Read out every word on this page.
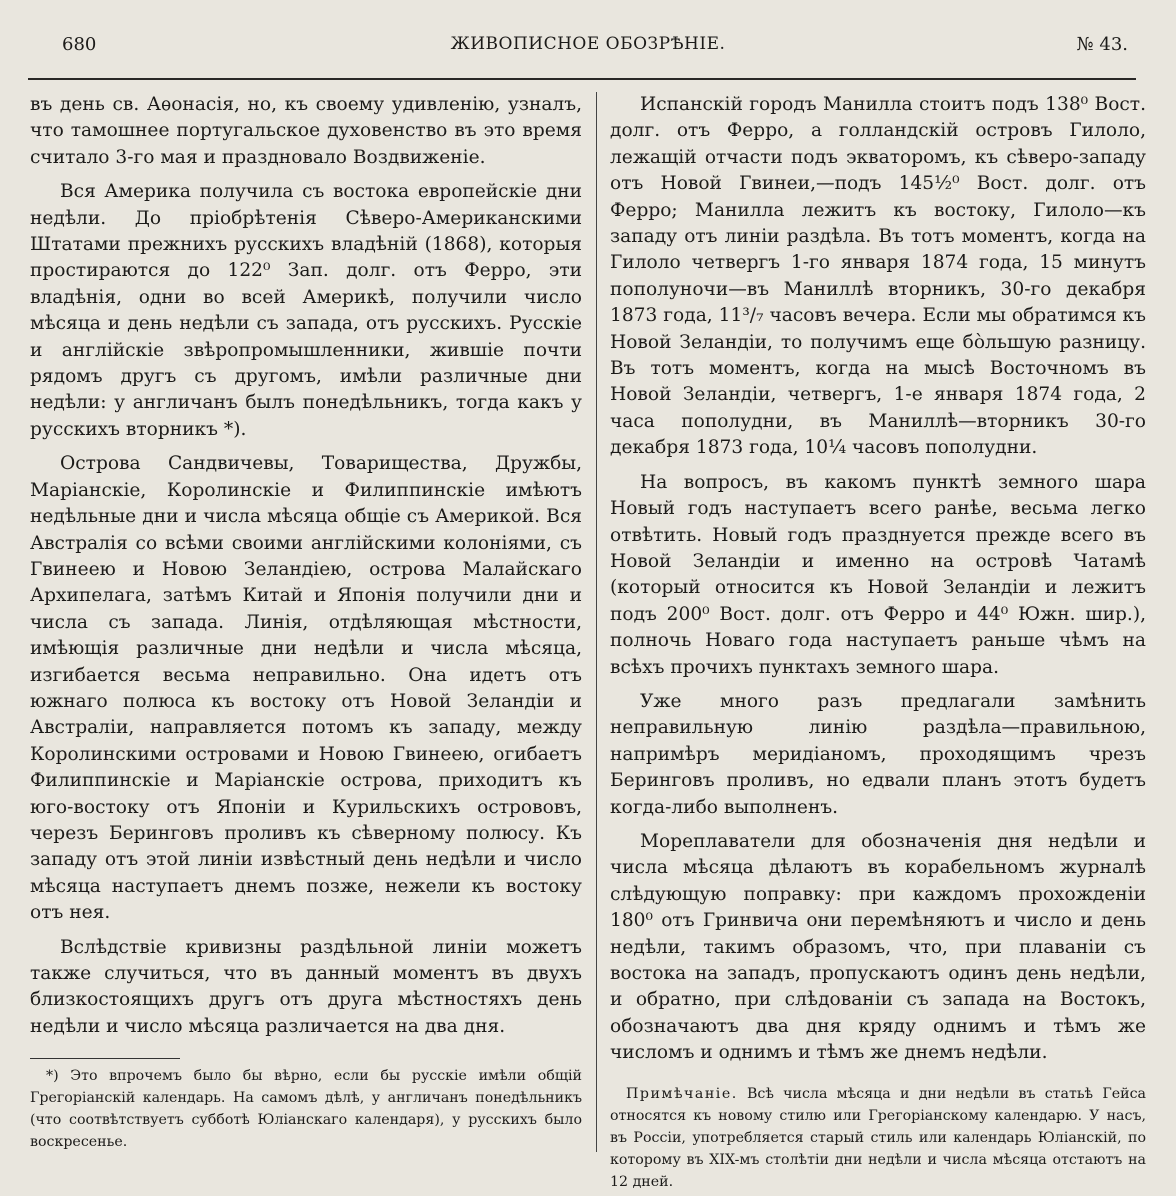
680	ЖИВОПИСНОЕ ОБОЗРѢНІЕ.	№ 43.

въ день св. Аѳонасія, но, къ своему удивленію, узналъ, что тамошнее португальское духовенство въ это время считало 3-го мая и праздновало Воздвиженіе.

Вся Америка получила съ востока европейскіе дни недѣли. До пріобрѣтенія Сѣверо-Американскими Штатами прежнихъ русскихъ владѣній (1868), которыя простираются до 122⁰ Зап. долг. отъ Ферро, эти владѣнія, одни во всей Америкѣ, получили число мѣсяца и день недѣли съ запада, отъ русскихъ. Русскіе и англійскіе звѣропромышленники, жившіе почти рядомъ другъ съ другомъ, имѣли различные дни недѣли: у англичанъ былъ понедѣльникъ, тогда какъ у русскихъ вторникъ *).

Острова Сандвичевы, Товарищества, Дружбы, Маріанскіе, Королинскіе и Филиппинскіе имѣютъ недѣльные дни и числа мѣсяца общіе съ Америкой. Вся Австралія со всѣми своими англійскими колоніями, съ Гвинеею и Новою Зеландіею, острова Малайскаго Архипелага, затѣмъ Китай и Японія получили дни и числа съ запада. Линія, отдѣляющая мѣстности, имѣющія различные дни недѣли и числа мѣсяца, изгибается весьма неправильно. Она идетъ отъ южнаго полюса къ востоку отъ Новой Зеландіи и Австраліи, направляется потомъ къ западу, между Королинскими островами и Новою Гвинеею, огибаетъ Филиппинскіе и Маріанскіе острова, приходитъ къ юго-востоку отъ Японіи и Курильскихъ острововъ, черезъ Беринговъ проливъ къ сѣверному полюсу. Къ западу отъ этой линіи извѣстный день недѣли и число мѣсяца наступаетъ днемъ позже, нежели къ востоку отъ нея.

Вслѣдствіе кривизны раздѣльной линіи можетъ также случиться, что въ данный моментъ въ двухъ близкостоящихъ другъ отъ друга мѣстностяхъ день недѣли и число мѣсяца различается на два дня.

*) Это впрочемъ было бы вѣрно, если бы русскіе имѣли общій Грегоріанскій календарь. На самомъ дѣлѣ, у англичанъ понедѣльникъ (что соотвѣтствуетъ субботѣ Юліанскаго календаря), у русскихъ было воскресенье.

Испанскій городъ Манилла стоитъ подъ 138⁰ Вост. долг. отъ Ферро, а голландскій островъ Гилоло, лежащій отчасти подъ экваторомъ, къ сѣверо-западу отъ Новой Гвинеи,—подъ 145½⁰ Вост. долг. отъ Ферро; Манилла лежитъ къ востоку, Гилоло—къ западу отъ линіи раздѣла. Въ тотъ моментъ, когда на Гилоло четвергъ 1-го января 1874 года, 15 минутъ пополуночи—въ Маниллѣ вторникъ, 30-го декабря 1873 года, 11³/₇ часовъ вечера. Если мы обратимся къ Новой Зеландіи, то получимъ еще бо̀льшую разницу. Въ тотъ моментъ, когда на мысѣ Восточномъ въ Новой Зеландіи, четвергъ, 1-е января 1874 года, 2 часа пополудни, въ Маниллѣ—вторникъ 30-го декабря 1873 года, 10¼ часовъ пополудни.

На вопросъ, въ какомъ пунктѣ земного шара Новый годъ наступаетъ всего ранѣе, весьма легко отвѣтить. Новый годъ празднуется прежде всего въ Новой Зеландіи и именно на островѣ Чатамѣ (который относится къ Новой Зеландіи и лежитъ подъ 200⁰ Вост. долг. отъ Ферро и 44⁰ Южн. шир.), полночь Новаго года наступаетъ раньше чѣмъ на всѣхъ прочихъ пунктахъ земного шара.

Уже много разъ предлагали замѣнить неправильную линію раздѣла—правильною, напримѣръ меридіаномъ, проходящимъ чрезъ Беринговъ проливъ, но едвали планъ этотъ будетъ когда-либо выполненъ.

Мореплаватели для обозначенія дня недѣли и числа мѣсяца дѣлаютъ въ корабельномъ журналѣ слѣдующую поправку: при каждомъ прохожденіи 180⁰ отъ Гринвича они перемѣняютъ и число и день недѣли, такимъ образомъ, что, при плаваніи съ востока на западъ, пропускаютъ одинъ день недѣли, и обратно, при слѣдованіи съ запада на Востокъ, обозначаютъ два дня кряду однимъ и тѣмъ же числомъ и однимъ и тѣмъ же днемъ недѣли.

Примѣчаніе. Всѣ числа мѣсяца и дни недѣли въ статьѣ Гейса относятся къ новому стилю или Грегоріанскому календарю. У насъ, въ Россіи, употребляется старый стиль или календарь Юліанскій, по которому въ XIX-мъ столѣтіи дни недѣли и числа мѣсяца отстаютъ на 12 дней.
